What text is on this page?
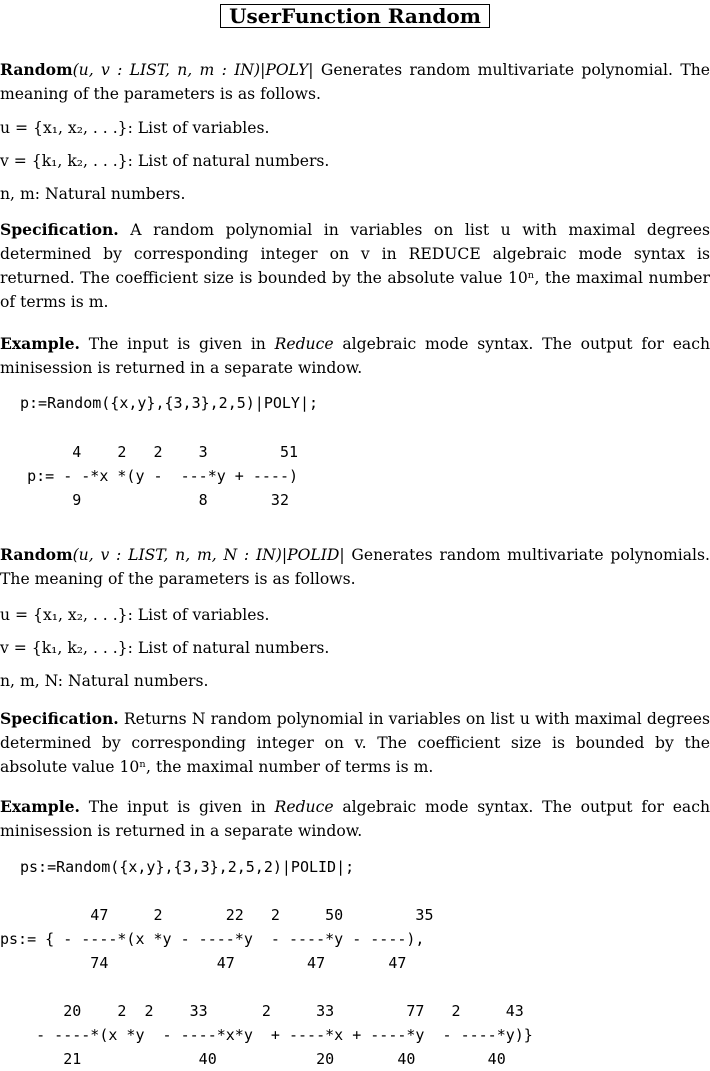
UserFunction Random
Random(u, v : LIST, n, m : IN)|POLY| Generates random multivariate polynomial. The meaning of the parameters is as follows.
u = {x₁, x₂, . . .}: List of variables.
v = {k₁, k₂, . . .}: List of natural numbers.
n, m: Natural numbers.
Specification. A random polynomial in variables on list u with maximal degrees determined by corresponding integer on v in REDUCE algebraic mode syntax is returned. The coefficient size is bounded by the absolute value 10ⁿ, the maximal number of terms is m.
Example. The input is given in Reduce algebraic mode syntax. The output for each minisession is returned in a separate window.
p:=Random({x,y},{3,3},2,5)|POLY|;
4    2   2    3        51
p:= - -*x *(y -  ---*y + ----)
9             8       32
Random(u, v : LIST, n, m, N : IN)|POLID| Generates random multivariate polynomials. The meaning of the parameters is as follows.
u = {x₁, x₂, . . .}: List of variables.
v = {k₁, k₂, . . .}: List of natural numbers.
n, m, N: Natural numbers.
Specification. Returns N random polynomial in variables on list u with maximal degrees determined by corresponding integer on v. The coefficient size is bounded by the absolute value 10ⁿ, the maximal number of terms is m.
Example. The input is given in Reduce algebraic mode syntax. The output for each minisession is returned in a separate window.
ps:=Random({x,y},{3,3},2,5,2)|POLID|;
47     2       22   2     50        35
ps:= { - ----*(x *y - ----*y  - ----*y - ----),
74            47        47       47

20    2  2    33      2     33        77   2     43
- ----*(x *y  - ----*x*y  + ----*x + ----*y  - ----*y)}
21             40           20       40        40
